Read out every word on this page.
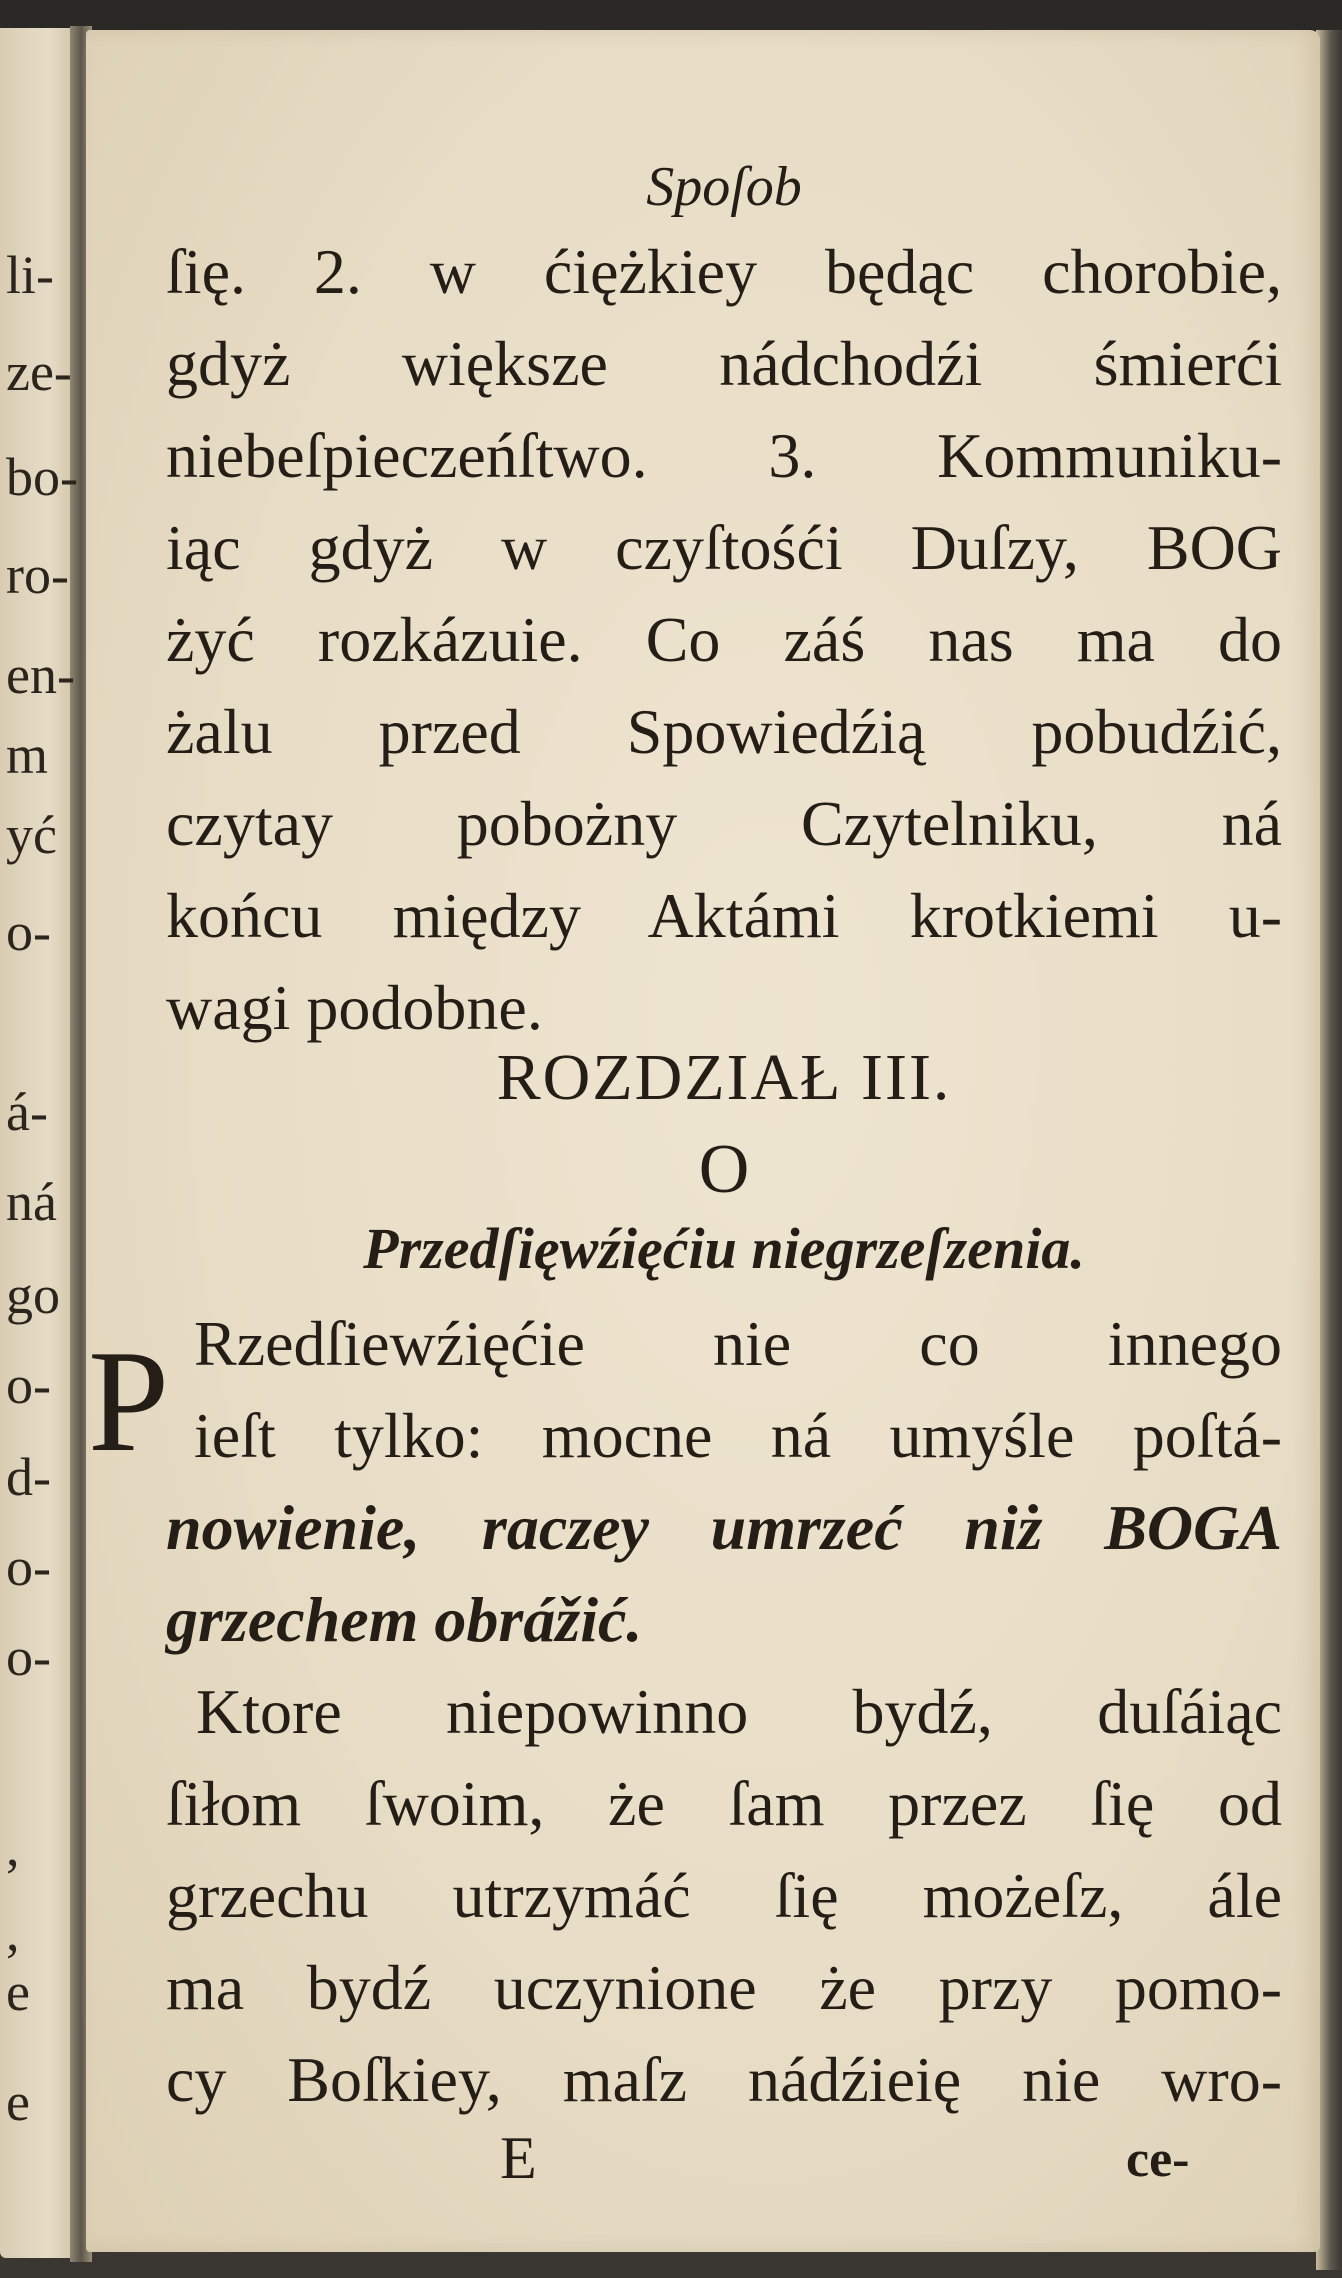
li-
ze-
bo-
ro-
en-
m
yć
o-
á-
ná
go
o-
d-
o-
o-
,
,
e
e
Spoſob
ſię. 2. w ćiężkiey będąc chorobie,
gdyż większe nádchodźi śmierći
niebeſpieczeńſtwo. 3. Kommuniku-
iąc gdyż w czyſtośći Duſzy, BOG
żyć rozkázuie. Co záś nas ma do
żalu przed Spowiedźią pobudźić,
czytay pobożny Czytelniku, ná
końcu między Aktámi krotkiemi u-
wagi podobne.
ROZDZIAŁ III.
O
Przedſięwźięćiu niegrzeſzenia.
P Rzedſiewźięćie nie co innego
ieſt tylko: mocne ná umyśle poſtá-
nowienie, raczey umrzeć niż BOGA
grzechem obrážić.
Ktore niepowinno bydź, duſáiąc
ſiłom ſwoim, że ſam przez ſię od
grzechu utrzymáć ſię możeſz, ále
ma bydź uczynione że przy pomo-
cy Boſkiey, maſz nádźieię nie wro-
E	ce-
